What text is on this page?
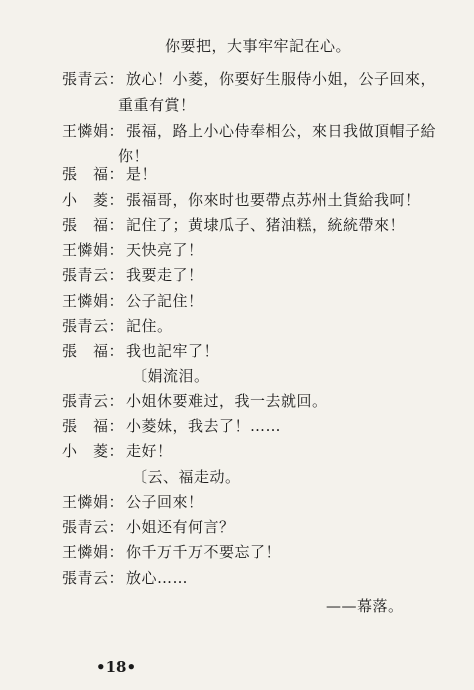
你要把，大事牢牢記在心。
張青云： 放心！小菱，你要好生服侍小姐，公子回來，
重重有賞！
王憐娟： 張福，路上小心侍奉相公，來日我做頂帽子給
你！
張　福： 是！
小　菱： 張福哥，你來时也要帶点苏州土貨給我呵！
張　福： 記住了；黄埭瓜子、猪油糕，統統帶來！
王憐娟： 天快亮了！
張青云： 我要走了！
王憐娟： 公子記住！
張青云： 記住。
張　福： 我也記牢了！
〔娟流泪。
張青云： 小姐休要难过，我一去就回。
張　福： 小菱妹，我去了！……
小　菱： 走好！
〔云、福走动。
王憐娟： 公子回來！
張青云： 小姐还有何言？
王憐娟： 你千万千万不要忘了！
張青云： 放心……
——幕落。
•18•
